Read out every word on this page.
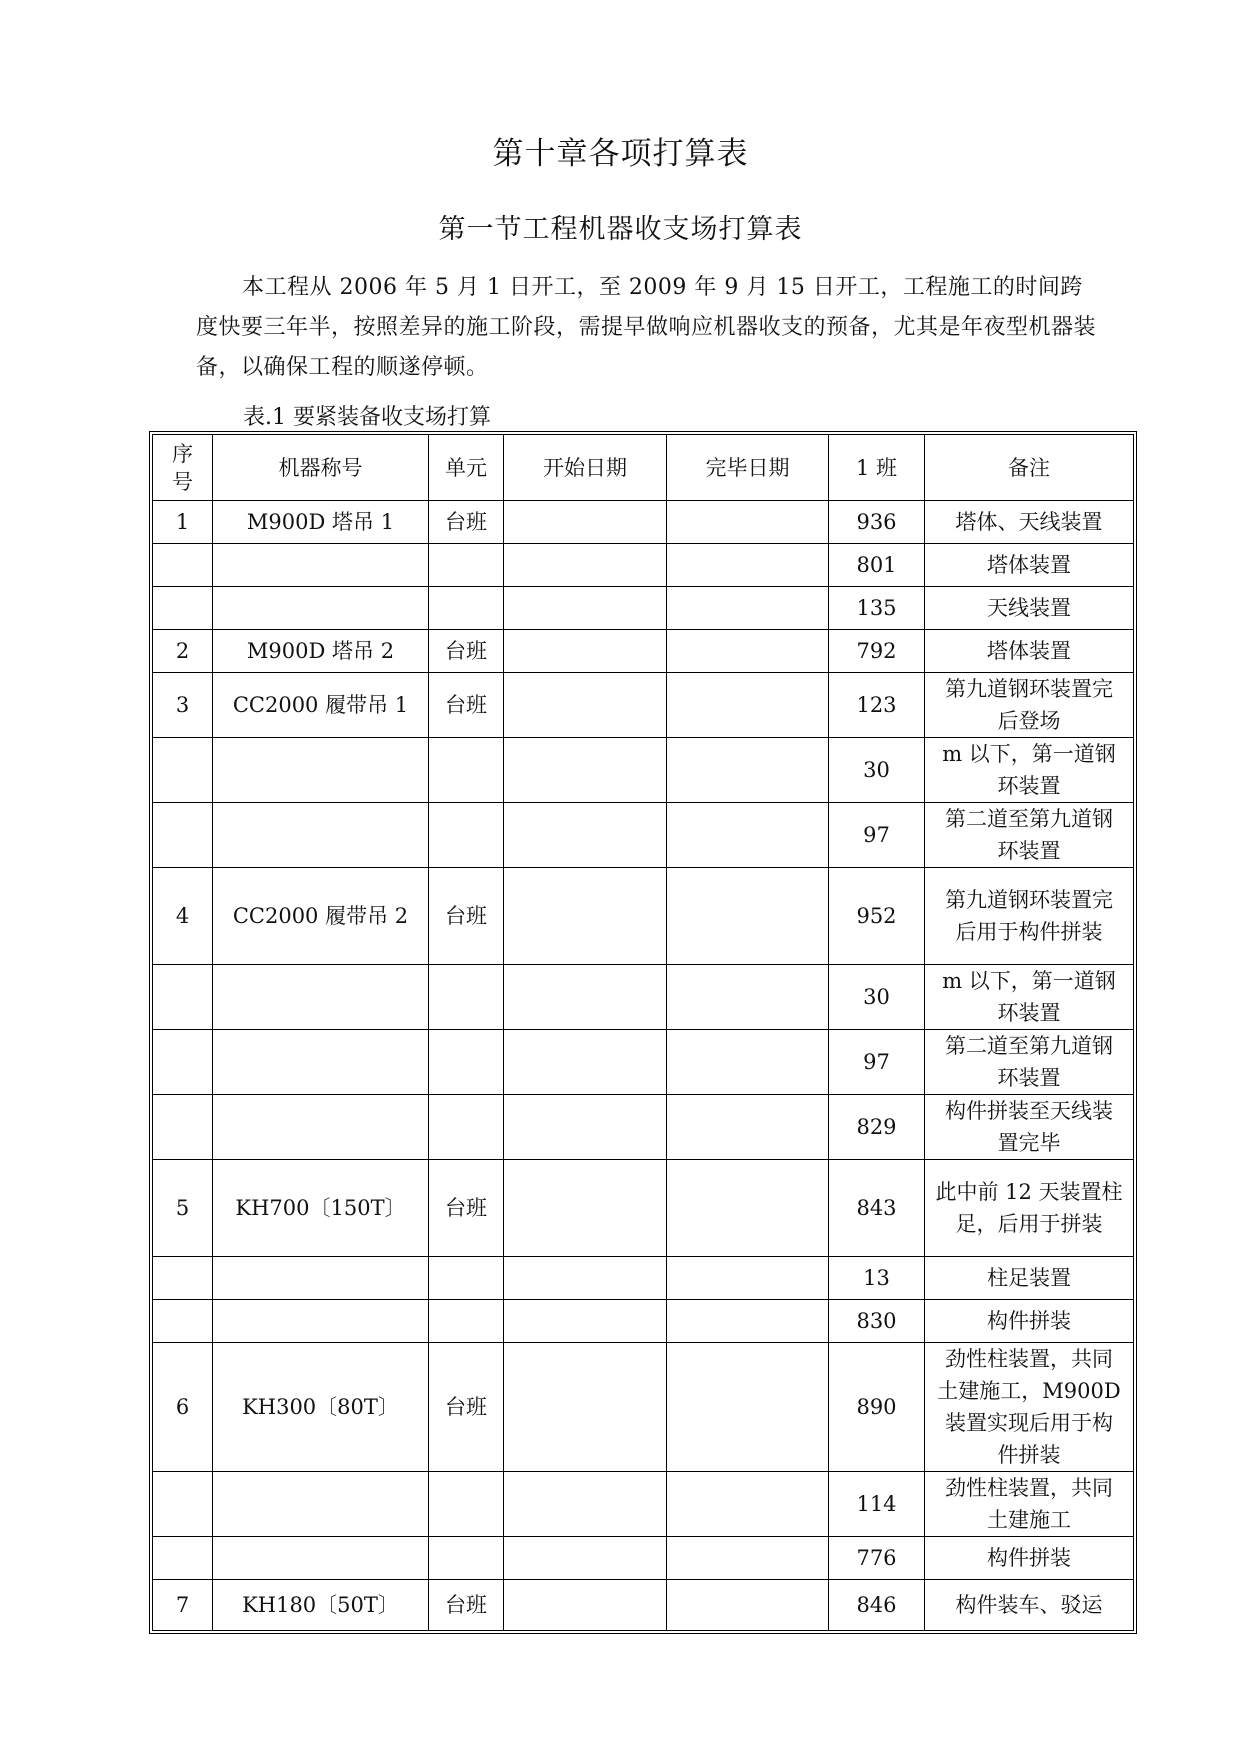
第十章各项打算表
第一节工程机器收支场打算表

本工程从 2006 年 5 月 1 日开工，至 2009 年 9 月 15 日开工，工程施工的时间跨度快要三年半，按照差异的施工阶段，需提早做响应机器收支的预备，尤其是年夜型机器装备，以确保工程的顺遂停顿。

表.1 要紧装备收支场打算
序号	机器称号	单元	开始日期	完毕日期	1 班	备注
1	M900D 塔吊 1	台班			936	塔体、天线装置
					801	塔体装置
					135	天线装置
2	M900D 塔吊 2	台班			792	塔体装置
3	CC2000 履带吊 1	台班			123	第九道钢环装置完后登场
					30	m 以下，第一道钢环装置
					97	第二道至第九道钢环装置
4	CC2000 履带吊 2	台班			952	第九道钢环装置完后用于构件拼装
					30	m 以下，第一道钢环装置
					97	第二道至第九道钢环装置
					829	构件拼装至天线装置完毕
5	KH700〔150T〕	台班			843	此中前 12 天装置柱足，后用于拼装
					13	柱足装置
					830	构件拼装
6	KH300〔80T〕	台班			890	劲性柱装置，共同土建施工，M900D 装置实现后用于构件拼装
					114	劲性柱装置，共同土建施工
					776	构件拼装
7	KH180〔50T〕	台班			846	构件装车、驳运
